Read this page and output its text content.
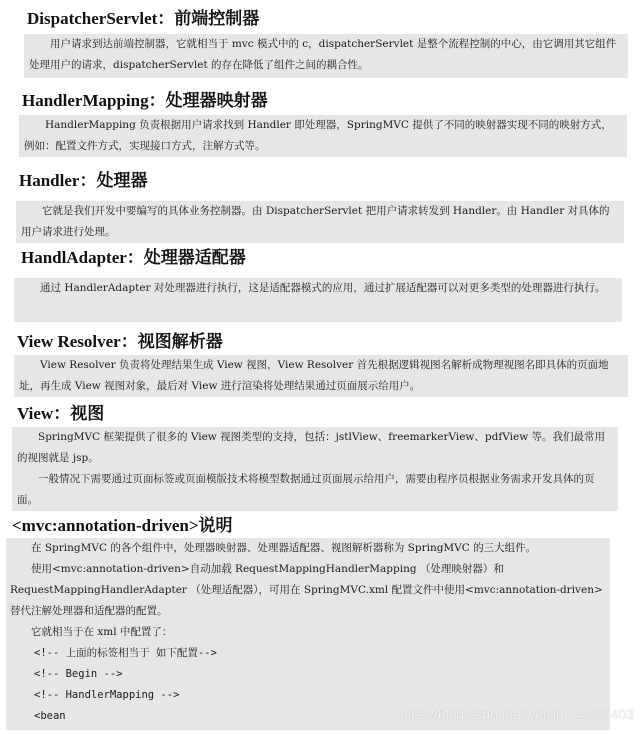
DispatcherServlet：前端控制器

用户请求到达前端控制器，它就相当于 mvc 模式中的 c，dispatcherServlet 是整个流程控制的中心，由它调用其它组件处理用户的请求，dispatcherServlet 的存在降低了组件之间的耦合性。

HandlerMapping：处理器映射器

HandlerMapping 负责根据用户请求找到 Handler 即处理器，SpringMVC 提供了不同的映射器实现不同的映射方式，例如：配置文件方式，实现接口方式，注解方式等。

Handler：处理器

它就是我们开发中要编写的具体业务控制器。由 DispatcherServlet 把用户请求转发到 Handler。由 Handler 对具体的用户请求进行处理。

HandlAdapter：处理器适配器

通过 HandlerAdapter 对处理器进行执行，这是适配器模式的应用，通过扩展适配器可以对更多类型的处理器进行执行。

View Resolver：视图解析器

View Resolver 负责将处理结果生成 View 视图，View Resolver 首先根据逻辑视图名解析成物理视图名即具体的页面地址，再生成 View 视图对象，最后对 View 进行渲染将处理结果通过页面展示给用户。

View：视图

SpringMVC 框架提供了很多的 View 视图类型的支持，包括：jstlView、freemarkerView、pdfView 等。我们最常用的视图就是 jsp。

一般情况下需要通过页面标签或页面模版技术将模型数据通过页面展示给用户，需要由程序员根据业务需求开发具体的页面。

<mvc:annotation-driven>说明

在 SpringMVC 的各个组件中，处理器映射器、处理器适配器、视图解析器称为 SpringMVC 的三大组件。

使用<mvc:annotation-driven>自动加载 RequestMappingHandlerMapping （处理映射器）和 RequestMappingHandlerAdapter （处理适配器），可用在 SpringMVC.xml 配置文件中使用<mvc:annotation-driven>替代注解处理器和适配器的配置。

它就相当于在 xml 中配置了：

<!-- 上面的标签相当于 如下配置-->

<!-- Begin -->

<!-- HandlerMapping -->

<bean	https://blog.csdn.net/weixin_44373403
